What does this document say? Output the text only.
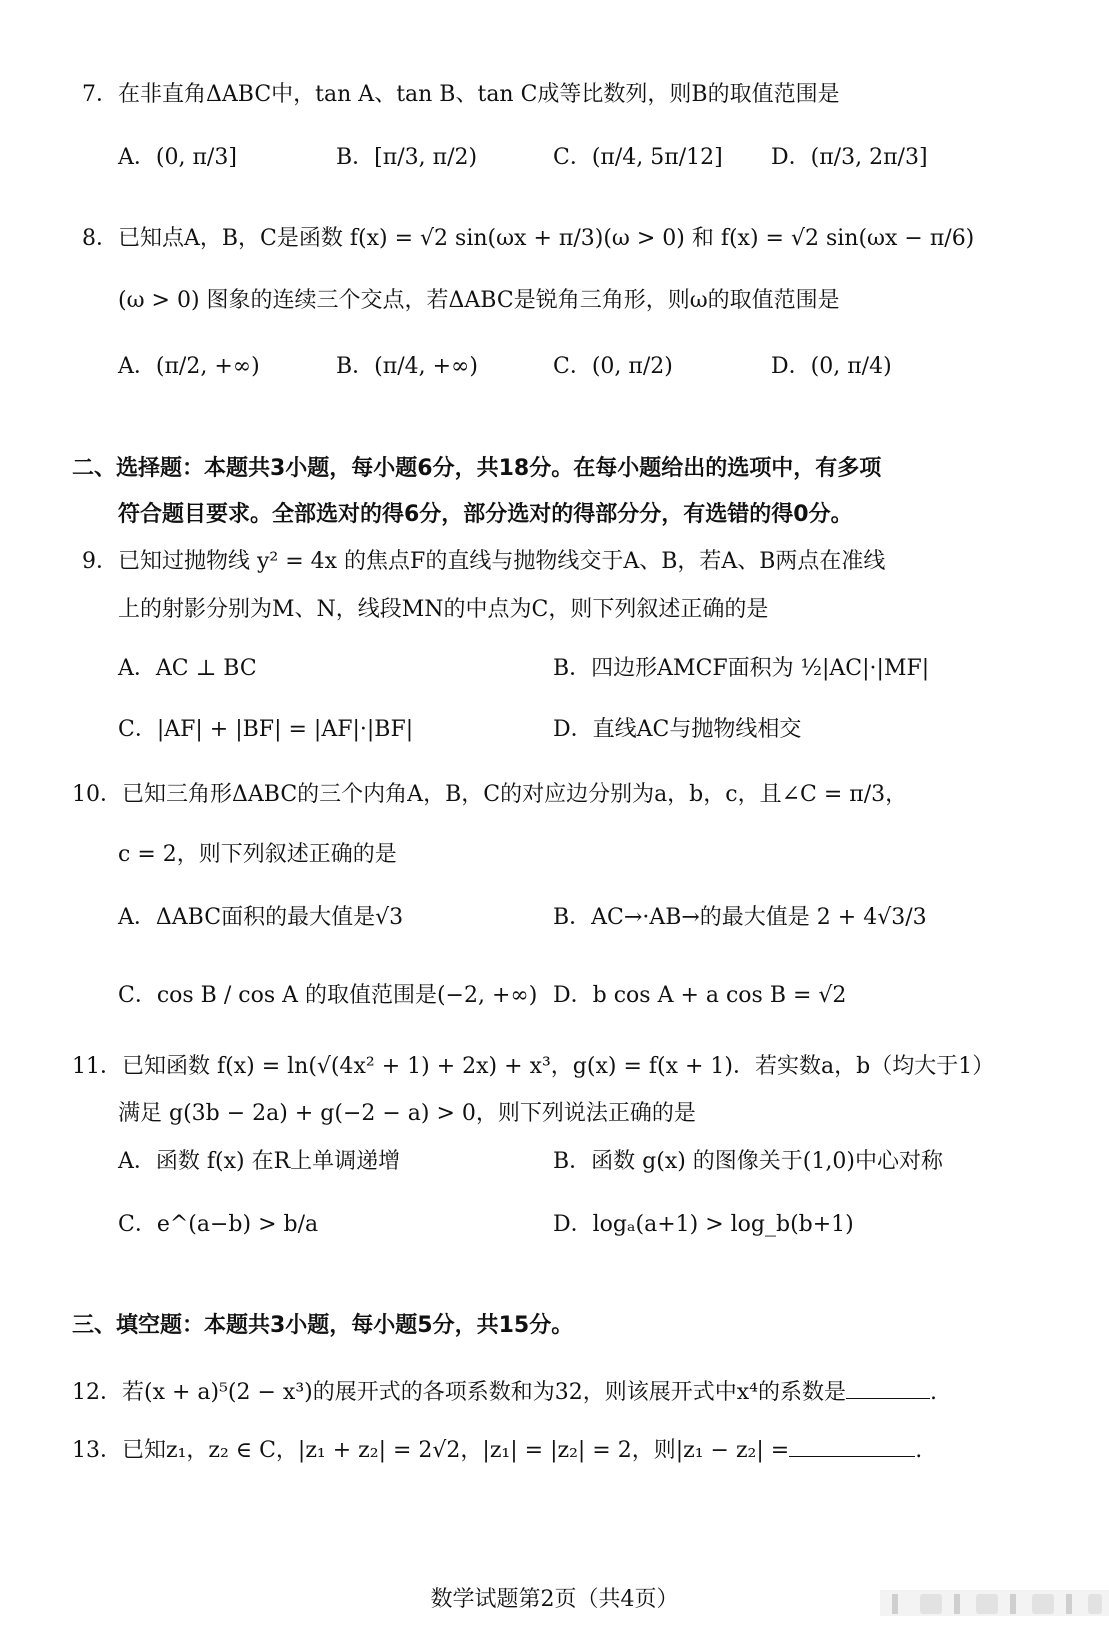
7．在非直角ΔABC中，tan A、tan B、tan C成等比数列，则B的取值范围是
A．(0, π/3]	B．[π/3, π/2)	C．(π/4, 5π/12] D．(π/3, 2π/3]
8．已知点A，B，C是函数 f(x) = √2 sin(ωx + π/3)(ω > 0) 和 f(x) = √2 sin(ωx − π/6)
(ω > 0) 图象的连续三个交点，若ΔABC是锐角三角形，则ω的取值范围是
A．(π/2, +∞)	B．(π/4, +∞)	C．(0, π/2)	D．(0, π/4)
二、选择题：本题共3小题，每小题6分，共18分。在每小题给出的选项中，有多项
符合题目要求。全部选对的得6分，部分选对的得部分分，有选错的得0分。
9．已知过抛物线 y² = 4x 的焦点F的直线与抛物线交于A、B，若A、B两点在准线
上的射影分别为M、N，线段MN的中点为C，则下列叙述正确的是
A．AC ⊥ BC	B．四边形AMCF面积为 ½|AC|·|MF|
C．|AF| + |BF| = |AF|·|BF|	D．直线AC与抛物线相交
10．已知三角形ΔABC的三个内角A，B，C的对应边分别为a，b，c，且∠C = π/3，
c = 2，则下列叙述正确的是
A．ΔABC面积的最大值是√3	B．AC→·AB→的最大值是 2 + 4√3/3
C．cos B / cos A 的取值范围是(−2, +∞) D．b cos A + a cos B = √2
11．已知函数 f(x) = ln(√(4x² + 1) + 2x) + x³，g(x) = f(x + 1)．若实数a，b（均大于1）
满足 g(3b − 2a) + g(−2 − a) > 0，则下列说法正确的是
A．函数 f(x) 在R上单调递增	B．函数 g(x) 的图像关于(1,0)中心对称
C．e^(a−b) > b/a	D．logₐ(a+1) > log_b(b+1)
三、填空题：本题共3小题，每小题5分，共15分。
12．若(x + a)⁵(2 − x³)的展开式的各项系数和为32，则该展开式中x⁴的系数是	.
13．已知z₁，z₂ ∈ C，|z₁ + z₂| = 2√2，|z₁| = |z₂| = 2，则|z₁ − z₂| =	.
数学试题第2页（共4页）
